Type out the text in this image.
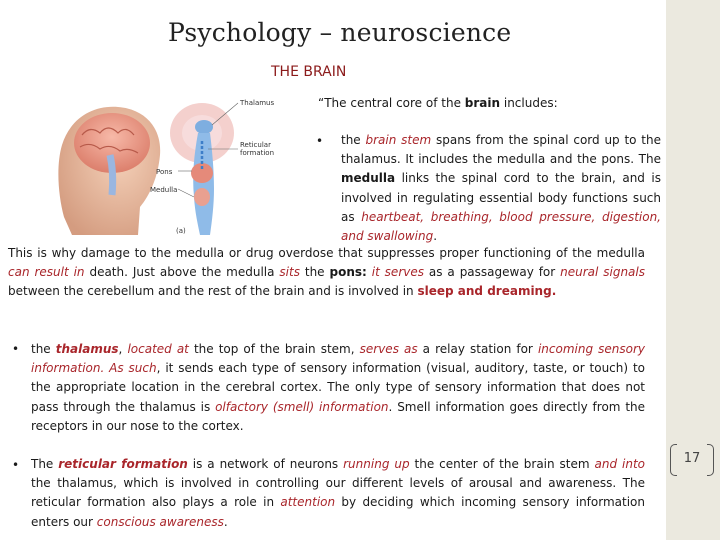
17
Psychology – neuroscience
THE BRAIN
Thalamus
Reticular
formation
Pons
Medulla
(a)
“The central core of the brain includes:
• the brain stem spans from the spinal cord up to the thalamus. It includes the medulla and the pons. The medulla links the spinal cord to the brain, and is involved in regulating essential body functions such as heartbeat, breathing, blood pressure, digestion, and swallowing.
This is why damage to the medulla or drug overdose that suppresses proper functioning of the medulla can result in death. Just above the medulla sits the pons: it serves as a passageway for neural signals between the cerebellum and the rest of the brain and is involved in sleep and dreaming.
• the thalamus, located at the top of the brain stem, serves as a relay station for incoming sensory information. As such, it sends each type of sensory information (visual, auditory, taste, or touch) to the appropriate location in the cerebral cortex. The only type of sensory information that does not pass through the thalamus is olfactory (smell) information. Smell information goes directly from the receptors in our nose to the cortex.
• The reticular formation is a network of neurons running up the center of the brain stem and into the thalamus, which is involved in controlling our different levels of arousal and awareness. The reticular formation also plays a role in attention by deciding which incoming sensory information enters our conscious awareness.
